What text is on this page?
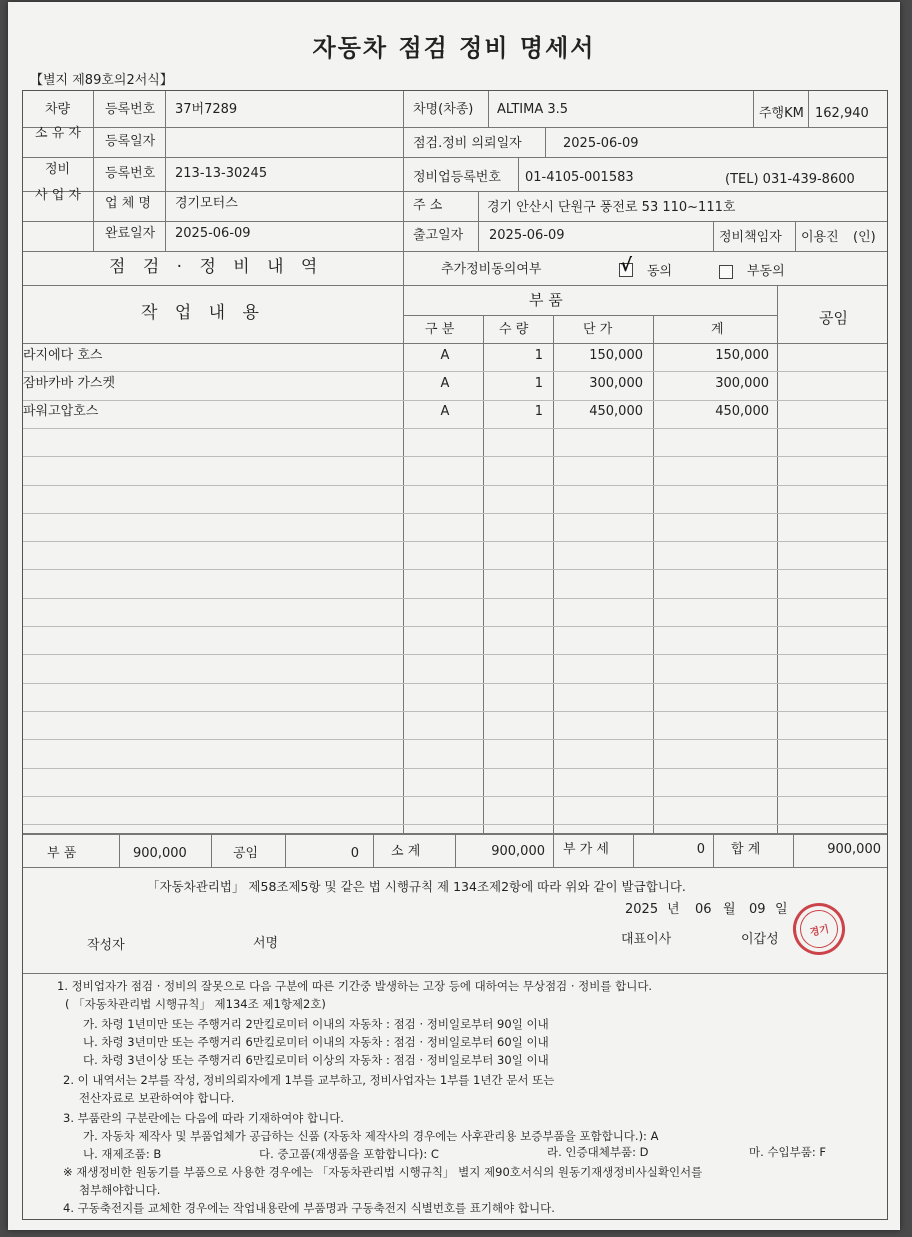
자동차 점검 정비 명세서
【별지 제89호의2서식】
차량
소 유 자
등록번호 37버7289
등록일자
차명(차종) ALTIMA 3.5	주행KM 162,940
점검.정비 의뢰일자	2025-06-09
정비
사 업 자
등록번호 213-13-30245
업 체 명 경기모터스
완료일자 2025-06-09
정비업등록번호 01-4105-001583	(TEL) 031-439-8600
주 소	경기 안산시 단원구 풍전로 53 110~111호
출고일자 2025-06-09	정비책임자 이용진 (인)
점 검 · 정 비 내 역	추가정비동의여부	√ 동의	부동의
작 업 내 용
부 품
공임
구 분	수 량	단 가	계
라지에다 호스	A	1	150,000	150,000
잠바카바 가스켓	A	1	300,000	300,000
파워고압호스	A	1	450,000	450,000
부 품	900,000	공임	0 소 계	900,000 부 가 세	0 합 계	900,000
「자동차관리법」 제58조제5항 및 같은 법 시행규칙 제 134조제2항에 따라 위와 같이 발급합니다.
2025 년 06 월 09 일
작성자	서명	대표이사	이갑성
경기
1. 정비업자가 점검 · 정비의 잘못으로 다음 구분에 따른 기간중 발생하는 고장 등에 대하여는 무상점검 · 정비를 합니다.
( 「자동차관리법 시행규칙」 제134조 제1항제2호)
가. 차령 1년미만 또는 주행거리 2만킬로미터 이내의 자동차 : 점검 · 정비일로부터 90일 이내
나. 차령 3년미만 또는 주행거리 6만킬로미터 이내의 자동차 : 점검 · 정비일로부터 60일 이내
다. 차령 3년이상 또는 주행거리 6만킬로미터 이상의 자동차 : 점검 · 정비일로부터 30일 이내
2. 이 내역서는 2부를 작성, 정비의뢰자에게 1부를 교부하고, 정비사업자는 1부를 1년간 문서 또는
전산자료로 보관하여야 합니다.
3. 부품란의 구분란에는 다음에 따라 기재하여야 합니다.
가. 자동차 제작사 및 부품업체가 공급하는 신품 (자동차 제작사의 경우에는 사후관리용 보증부품을 포함합니다.): A
나. 재제조품: B	다. 중고품(재생품을 포함합니다): C	라. 인증대체부품: D	마. 수입부품: F
※ 재생정비한 원동기를 부품으로 사용한 경우에는 「자동차관리법 시행규칙」 별지 제90호서식의 원동기재생정비사실확인서를
첨부해야합니다.
4. 구동축전지를 교체한 경우에는 작업내용란에 부품명과 구동축전지 식별번호를 표기해야 합니다.
